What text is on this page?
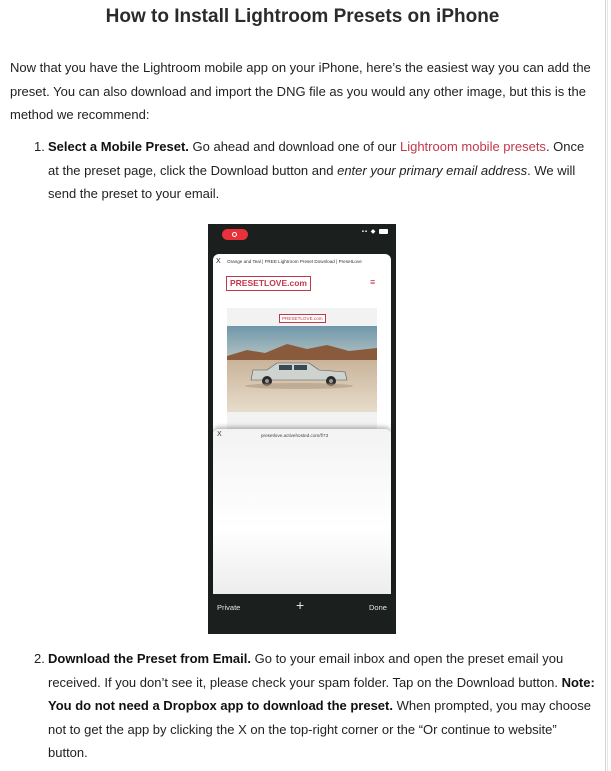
How to Install Lightroom Presets on iPhone

Now that you have the Lightroom mobile app on your iPhone, here’s the easiest way you can add the preset. You can also download and import the DNG file as you would any other image, but this is the method we recommend:

1. Select a Mobile Preset. Go ahead and download one of our Lightroom mobile presets. Once at the preset page, click the Download button and enter your primary email address. We will send the preset to your email.
▪▪ ◆
X Orange and Teal | FREE Lightroom Preset Download | PresetLove
PRESETLOVE.com	≡
PRESETLOVE.com
X	presetlove.activehosted.com/f/73
Private	+	Done
2. Download the Preset from Email. Go to your email inbox and open the preset email you received. If you don’t see it, please check your spam folder. Tap on the Download button. Note: You do not need a Dropbox app to download the preset. When prompted, you may choose not to get the app by clicking the X on the top-right corner or the “Or continue to website” button.
